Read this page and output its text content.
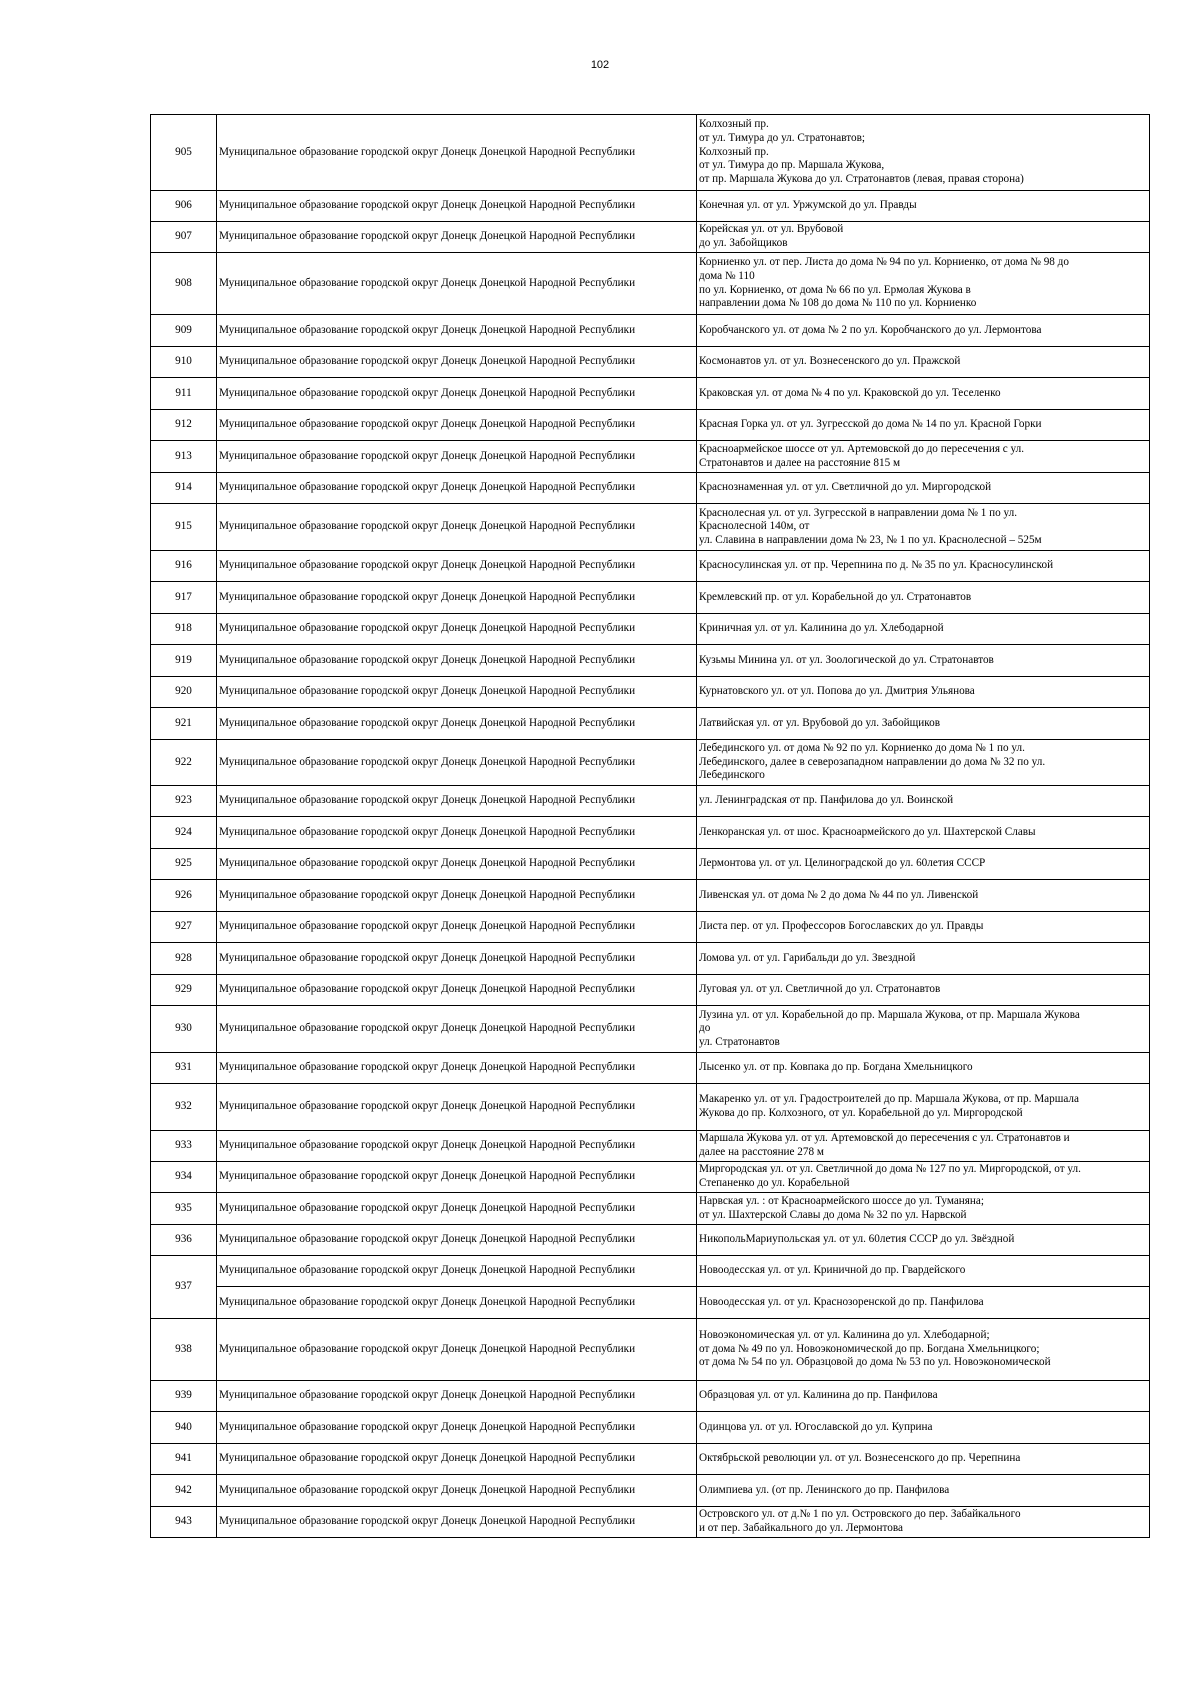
102
905	Муниципальное образование городской округ Донецк Донецкой Народной Республики	Колхозный пр.
от ул. Тимура до ул. Стратонавтов;
Колхозный пр.
от ул. Тимура до пр. Маршала Жукова,
от пр. Маршала Жукова до ул. Стратонавтов (левая, правая сторона)

906	Муниципальное образование городской округ Донецк Донецкой Народной Республики	Конечная ул. от ул. Уржумской до ул. Правды

907	Муниципальное образование городской округ Донецк Донецкой Народной Республики	Корейская ул. от ул. Врубовой
до ул. Забойщиков

908	Муниципальное образование городской округ Донецк Донецкой Народной Республики	Корниенко ул. от пер. Листа до дома № 94 по ул. Корниенко, от дома № 98 до
дома № 110
по ул. Корниенко, от дома № 66 по ул. Ермолая Жукова в
направлении дома № 108 до дома № 110 по ул. Корниенко

909	Муниципальное образование городской округ Донецк Донецкой Народной Республики	Коробчанского ул. от дома № 2 по ул. Коробчанского до ул. Лермонтова

910	Муниципальное образование городской округ Донецк Донецкой Народной Республики	Космонавтов ул. от ул. Вознесенского до ул. Пражской

911	Муниципальное образование городской округ Донецк Донецкой Народной Республики	Краковская ул. от дома № 4 по ул. Краковской до ул. Теселенко

912	Муниципальное образование городской округ Донецк Донецкой Народной Республики	Красная Горка ул. от ул. Зугресской до дома № 14 по ул. Красной Горки

913	Муниципальное образование городской округ Донецк Донецкой Народной Республики	Красноармейское шоссе от ул. Артемовской до до пересечения с ул.
Стратонавтов и далее на расстояние 815 м

914	Муниципальное образование городской округ Донецк Донецкой Народной Республики	Краснознаменная ул. от ул. Светличной до ул. Миргородской

915	Муниципальное образование городской округ Донецк Донецкой Народной Республики	Краснолесная ул. от ул. Зугресской в направлении дома № 1 по ул.
Краснолесной 140м, от
ул. Славина в направлении дома № 23, № 1 по ул. Краснолесной – 525м

916	Муниципальное образование городской округ Донецк Донецкой Народной Республики	Красносулинская ул. от пр. Черепнина по д. № 35 по ул. Красносулинской

917	Муниципальное образование городской округ Донецк Донецкой Народной Республики	Кремлевский пр. от ул. Корабельной до ул. Стратонавтов

918	Муниципальное образование городской округ Донецк Донецкой Народной Республики	Криничная ул. от ул. Калинина до ул. Хлебодарной

919	Муниципальное образование городской округ Донецк Донецкой Народной Республики	Кузьмы Минина ул. от ул. Зоологической до ул. Стратонавтов

920	Муниципальное образование городской округ Донецк Донецкой Народной Республики	Курнатовского ул. от ул. Попова до ул. Дмитрия Ульянова

921	Муниципальное образование городской округ Донецк Донецкой Народной Республики	Латвийская ул. от ул. Врубовой до ул. Забойщиков

922	Муниципальное образование городской округ Донецк Донецкой Народной Республики	Лебединского ул. от дома № 92 по ул. Корниенко до дома № 1 по ул.
Лебединского, далее в северозападном направлении до дома № 32 по ул.
Лебединского

923	Муниципальное образование городской округ Донецк Донецкой Народной Республики	ул. Ленинградская от пр. Панфилова до ул. Воинской

924	Муниципальное образование городской округ Донецк Донецкой Народной Республики	Ленкоранская ул. от шос. Красноармейского до ул. Шахтерской Славы

925	Муниципальное образование городской округ Донецк Донецкой Народной Республики	Лермонтова ул. от ул. Целиноградской до ул. 60летия СССР

926	Муниципальное образование городской округ Донецк Донецкой Народной Республики	Ливенская ул. от дома № 2 до дома № 44 по ул. Ливенской

927	Муниципальное образование городской округ Донецк Донецкой Народной Республики	Листа пер. от ул. Профессоров Богославских до ул. Правды

928	Муниципальное образование городской округ Донецк Донецкой Народной Республики	Ломова ул. от ул. Гарибальди до ул. Звездной

929	Муниципальное образование городской округ Донецк Донецкой Народной Республики	Луговая ул. от ул. Светличной до ул. Стратонавтов

930	Муниципальное образование городской округ Донецк Донецкой Народной Республики	Лузина ул. от ул. Корабельной до пр. Маршала Жукова, от пр. Маршала Жукова
до
ул. Стратонавтов

931	Муниципальное образование городской округ Донецк Донецкой Народной Республики	Лысенко ул. от пр. Ковпака до пр. Богдана Хмельницкого

932	Муниципальное образование городской округ Донецк Донецкой Народной Республики	Макаренко ул. от ул. Градостроителей до пр. Маршала Жукова, от пр. Маршала
Жукова до пр. Колхозного, от ул. Корабельной до ул. Миргородской

933	Муниципальное образование городской округ Донецк Донецкой Народной Республики	Маршала Жукова ул. от ул. Артемовской до пересечения с ул. Стратонавтов и
далее на расстояние 278 м

934	Муниципальное образование городской округ Донецк Донецкой Народной Республики	Миргородская ул. от ул. Светличной до дома № 127 по ул. Миргородской, от ул.
Степаненко до ул. Корабельной

935	Муниципальное образование городской округ Донецк Донецкой Народной Республики	Нарвская ул. : от Красноармейского шоссе до ул. Туманяна;
от ул. Шахтерской Славы до дома № 32 по ул. Нарвской

936	Муниципальное образование городской округ Донецк Донецкой Народной Республики	НикопольМариупольская ул. от ул. 60летия СССР до ул. Звёздной

937	Муниципальное образование городской округ Донецк Донецкой Народной Республики	Новоодесская ул. от ул. Криничной до пр. Гвардейского

	Муниципальное образование городской округ Донецк Донецкой Народной Республики	Новоодесская ул. от ул. Краснозоренской до пр. Панфилова

938	Муниципальное образование городской округ Донецк Донецкой Народной Республики	Новоэкономическая ул. от ул. Калинина до ул. Хлебодарной;
от дома № 49 по ул. Новоэкономической до пр. Богдана Хмельницкого;
от дома № 54 по ул. Образцовой до дома № 53 по ул. Новоэкономической

939	Муниципальное образование городской округ Донецк Донецкой Народной Республики	Образцовая ул. от ул. Калинина до пр. Панфилова

940	Муниципальное образование городской округ Донецк Донецкой Народной Республики	Одинцова ул. от ул. Югославской до ул. Куприна

941	Муниципальное образование городской округ Донецк Донецкой Народной Республики	Октябрьской революции ул. от ул. Вознесенского до пр. Черепнина

942	Муниципальное образование городской округ Донецк Донецкой Народной Республики	Олимпиева ул. (от пр. Ленинского до пр. Панфилова

943	Муниципальное образование городской округ Донецк Донецкой Народной Республики	Островского ул. от д.№ 1 по ул. Островского до пер. Забайкального
и от пер. Забайкального до ул. Лермонтова
